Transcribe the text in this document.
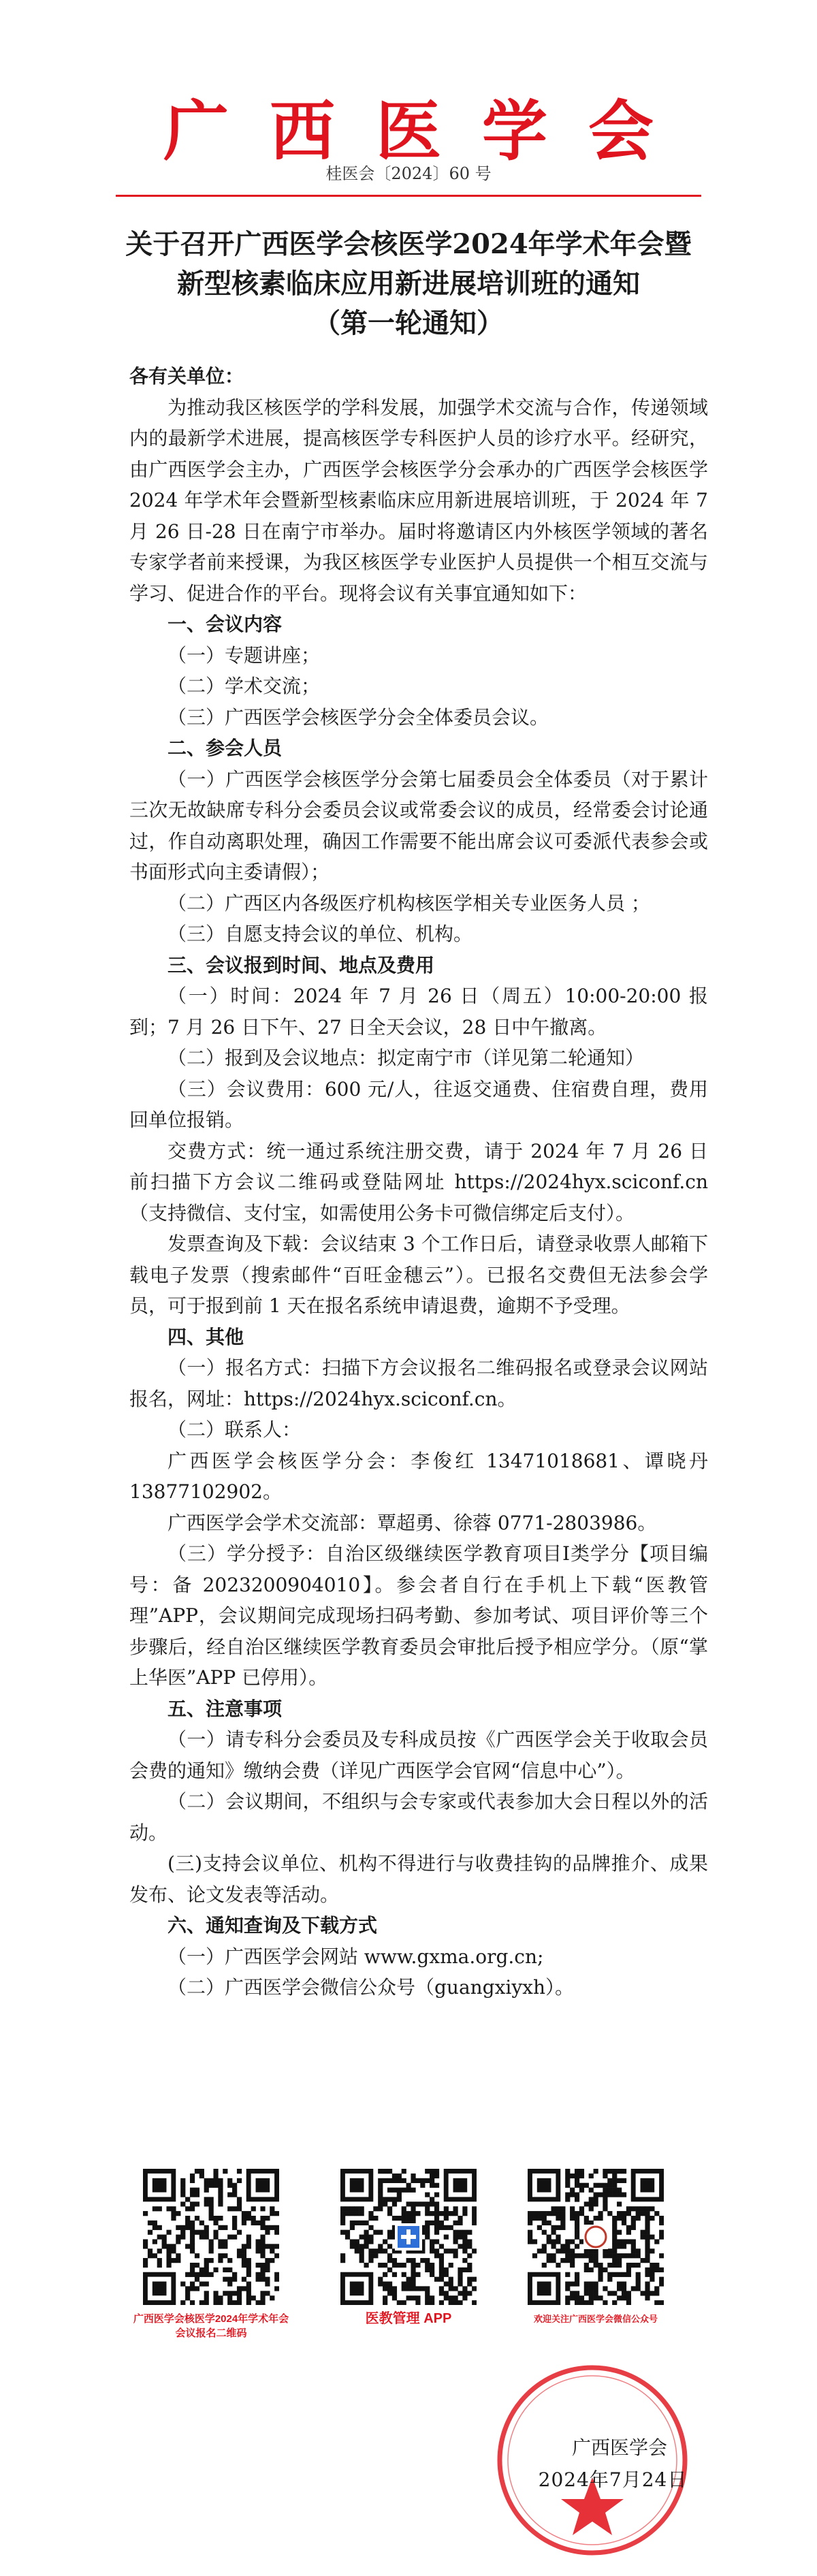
广西医学会
桂医会〔2024〕60 号
关于召开广西医学会核医学2024年学术年会暨
新型核素临床应用新进展培训班的通知
（第一轮通知）

各有关单位：

为推动我区核医学的学科发展，加强学术交流与合作，传递领域内的最新学术进展，提高核医学专科医护人员的诊疗水平。经研究，由广西医学会主办，广西医学会核医学分会承办的广西医学会核医学 2024 年学术年会暨新型核素临床应用新进展培训班，于 2024 年 7 月 26 日-28 日在南宁市举办。届时将邀请区内外核医学领域的著名专家学者前来授课，为我区核医学专业医护人员提供一个相互交流与学习、促进合作的平台。现将会议有关事宜通知如下：

一、会议内容

（一）专题讲座；

（二）学术交流；

（三）广西医学会核医学分会全体委员会议。

二、参会人员

（一）广西医学会核医学分会第七届委员会全体委员（对于累计三次无故缺席专科分会委员会议或常委会议的成员，经常委会讨论通过，作自动离职处理，确因工作需要不能出席会议可委派代表参会或书面形式向主委请假）；

（二）广西区内各级医疗机构核医学相关专业医务人员 ；

（三）自愿支持会议的单位、机构。

三、会议报到时间、地点及费用

（一）时间：2024 年 7 月 26 日（周五）10:00-20:00 报到；7 月 26 日下午、27 日全天会议，28 日中午撤离。

（二）报到及会议地点：拟定南宁市（详见第二轮通知）

（三）会议费用：600 元/人，往返交通费、住宿费自理，费用回单位报销。

交费方式：统一通过系统注册交费，请于 2024 年 7 月 26 日前扫描下方会议二维码或登陆网址 https://2024hyx.sciconf.cn（支持微信、支付宝，如需使用公务卡可微信绑定后支付）。

发票查询及下载：会议结束 3 个工作日后，请登录收票人邮箱下载电子发票（搜索邮件“百旺金穗云”）。已报名交费但无法参会学员，可于报到前 1 天在报名系统申请退费，逾期不予受理。

四、其他

（一）报名方式：扫描下方会议报名二维码报名或登录会议网站报名，网址：https://2024hyx.sciconf.cn。

（二）联系人：

广西医学会核医学分会：李俊红 13471018681、谭晓丹 13877102902。

广西医学会学术交流部：覃超勇、徐蓉 0771-2803986。

（三）学分授予：自治区级继续医学教育项目Ⅰ类学分【项目编号：备 2023200904010】。参会者自行在手机上下载“医教管理”APP，会议期间完成现场扫码考勤、参加考试、项目评价等三个步骤后，经自治区继续医学教育委员会审批后授予相应学分。（原“掌上华医”APP 已停用）。

五、注意事项

（一）请专科分会委员及专科成员按《广西医学会关于收取会员会费的通知》缴纳会费（详见广西医学会官网“信息中心”）。

（二）会议期间，不组织与会专家或代表参加大会日程以外的活动。

(三)支持会议单位、机构不得进行与收费挂钩的品牌推介、成果发布、论文发表等活动。

六、通知查询及下载方式

（一）广西医学会网站 www.gxma.org.cn;

（二）广西医学会微信公众号（guangxiyxh）。

广西医学会核医学2024年学术年会
会议报名二维码
医教管理 APP	欢迎关注广西医学会微信公众号
广西医学会
2024年7月24日
